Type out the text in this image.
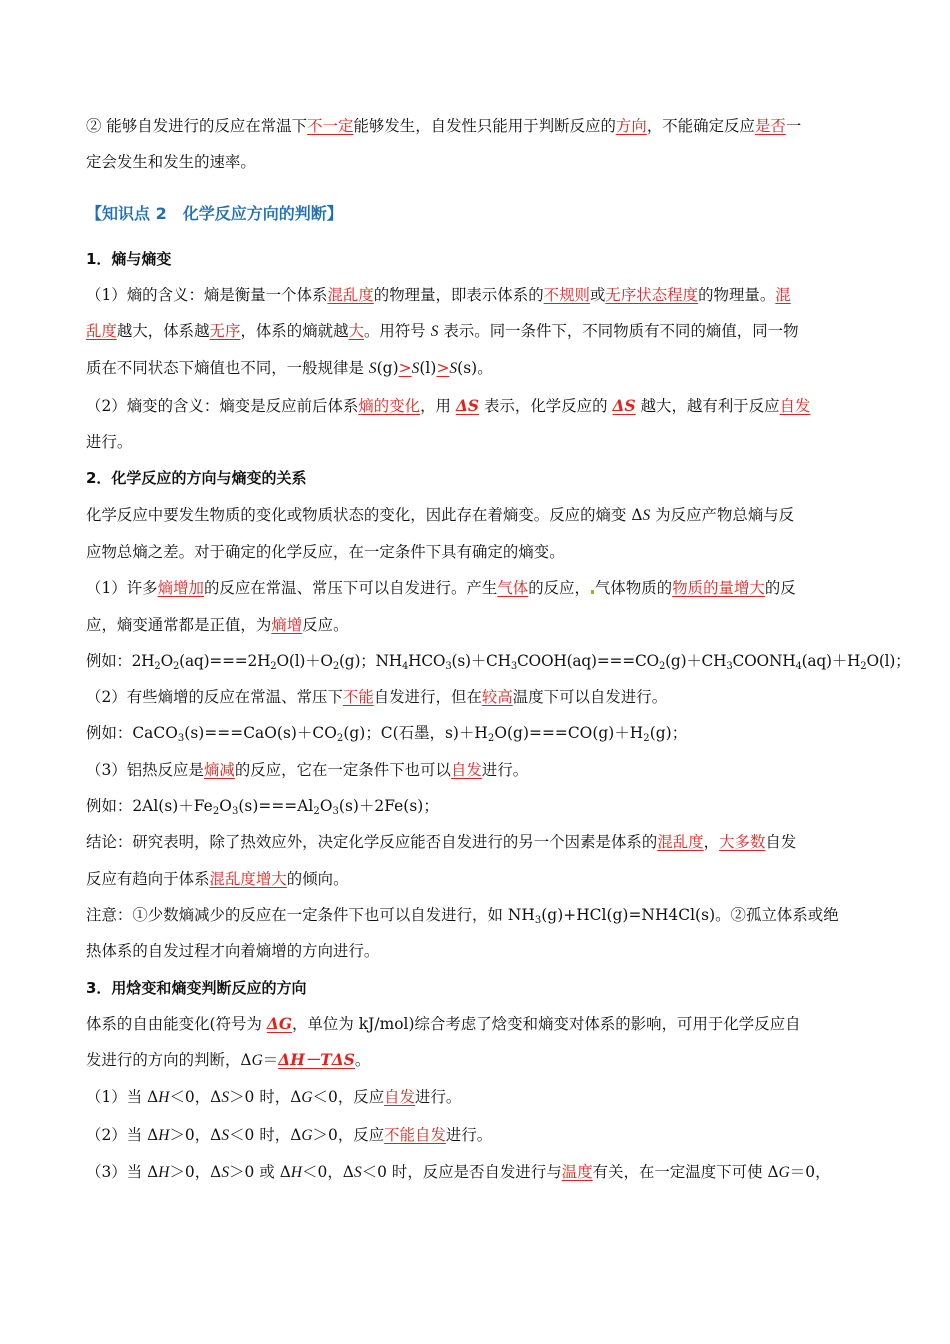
② 能够自发进行的反应在常温下不一定能够发生，自发性只能用于判断反应的方向，不能确定反应是否一
定会发生和发生的速率。
【知识点 2　化学反应方向的判断】
1．熵与熵变
（1）熵的含义：熵是衡量一个体系混乱度的物理量，即表示体系的不规则或无序状态程度的物理量。混
乱度越大，体系越无序，体系的熵就越大。用符号 S 表示。同一条件下，不同物质有不同的熵值，同一物
质在不同状态下熵值也不同，一般规律是 S(g)>S(l)>S(s)。
（2）熵变的含义：熵变是反应前后体系熵的变化，用 ΔS 表示，化学反应的 ΔS 越大，越有利于反应自发
进行。
2．化学反应的方向与熵变的关系
化学反应中要发生物质的变化或物质状态的变化，因此存在着熵变。反应的熵变 ΔS 为反应产物总熵与反
应物总熵之差。对于确定的化学反应，在一定条件下具有确定的熵变。
（1）许多熵增加的反应在常温、常压下可以自发进行。产生气体的反应， 气体物质的物质的量增大的反
应，熵变通常都是正值，为熵增反应。
例如：$2H_2O_2(aq)===2H_2O(l)+O_2(g)$；$NH_4HCO_3(s)+CH_3COOH(aq)===CO_2(g)+CH_3COONH_4(aq)+H_2O(l)$；
（2）有些熵增的反应在常温、常压下不能自发进行，但在较高温度下可以自发进行。
例如：$CaCO_3(s)===CaO(s)+CO_2(g)$；C(石墨，$s)+H_2O(g)===CO(g)+H_2(g)$；
（3）铝热反应是熵减的反应，它在一定条件下也可以自发进行。
例如：$2Al(s)+Fe_2O_3(s)===Al_2O_3(s)+2Fe(s)$；
结论：研究表明，除了热效应外，决定化学反应能否自发进行的另一个因素是体系的混乱度，大多数自发
反应有趋向于体系混乱度增大的倾向。
注意：①少数熵减少的反应在一定条件下也可以自发进行，如 $NH_3(g)+HCl(g)=NH4Cl(s)$。②孤立体系或绝
热体系的自发过程才向着熵增的方向进行。
3．用焓变和熵变判断反应的方向
体系的自由能变化(符号为 ΔG，单位为 kJ/mol)综合考虑了焓变和熵变对体系的影响，可用于化学反应自
发进行的方向的判断，ΔG＝ΔH－TΔS。
（1）当 ΔH＜0，ΔS＞0 时，ΔG＜0，反应自发进行。
（2）当 ΔH＞0，ΔS＜0 时，ΔG＞0，反应不能自发进行。
（3）当 ΔH＞0，ΔS＞0 或 ΔH＜0，ΔS＜0 时，反应是否自发进行与温度有关，在一定温度下可使 ΔG＝0，
